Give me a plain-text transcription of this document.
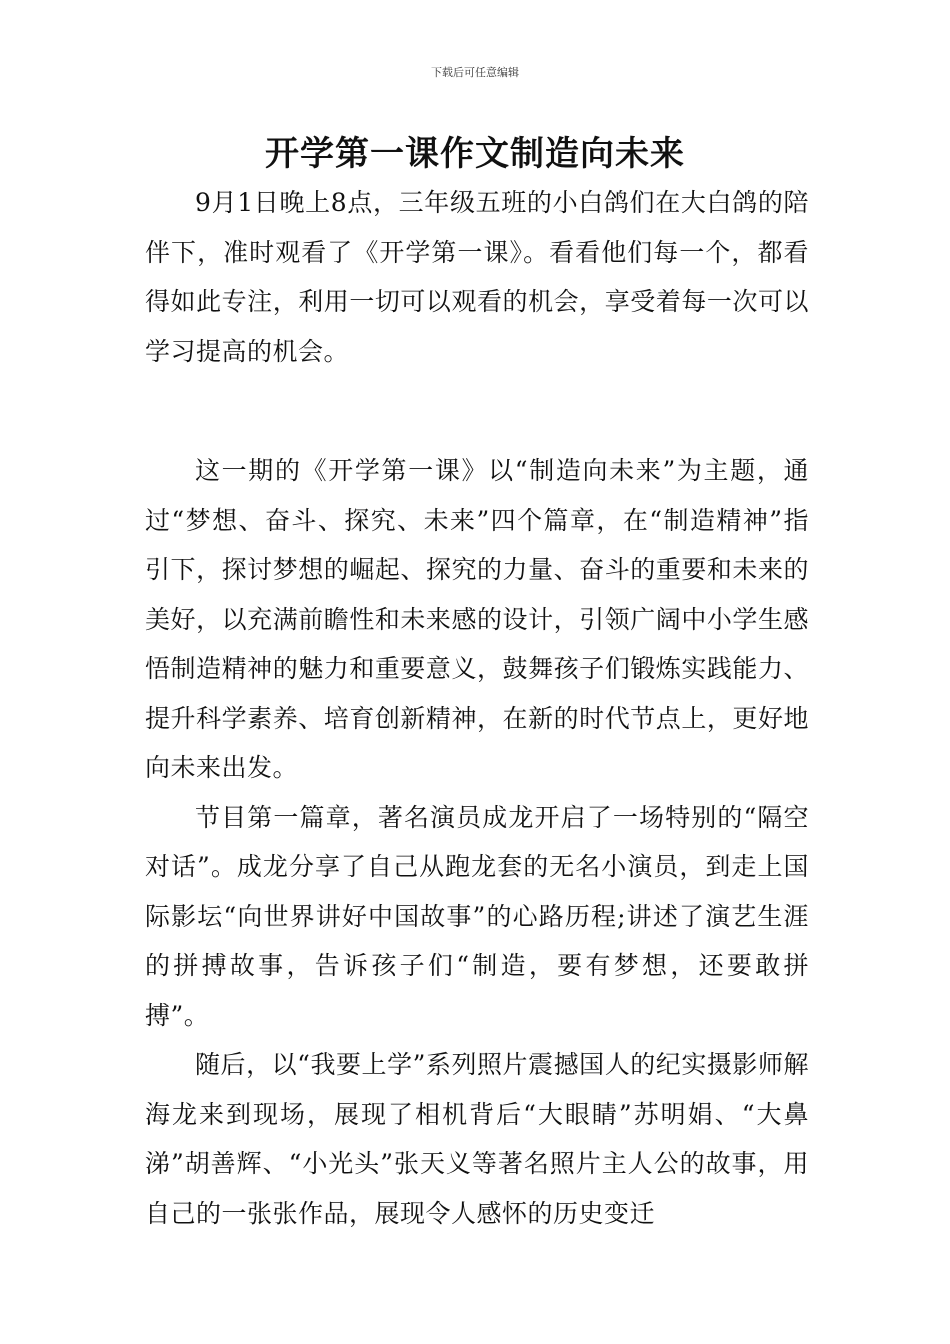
下载后可任意编辑
开学第一课作文制造向未来

9月1日晚上8点，三年级五班的小白鸽们在大白鸽的陪伴下，准时观看了《开学第一课》。看看他们每一个，都看得如此专注，利用一切可以观看的机会，享受着每一次可以学习提高的机会。

这一期的《开学第一课》以“制造向未来”为主题，通过“梦想、奋斗、探究、未来”四个篇章，在“制造精神”指引下，探讨梦想的崛起、探究的力量、奋斗的重要和未来的美好，以充满前瞻性和未来感的设计，引领广阔中小学生感悟制造精神的魅力和重要意义，鼓舞孩子们锻炼实践能力、提升科学素养、培育创新精神，在新的时代节点上，更好地向未来出发。

节目第一篇章，著名演员成龙开启了一场特别的“隔空对话”。成龙分享了自己从跑龙套的无名小演员，到走上国际影坛“向世界讲好中国故事”的心路历程;讲述了演艺生涯的拼搏故事，告诉孩子们“制造，要有梦想，还要敢拼搏”。

随后，以“我要上学”系列照片震撼国人的纪实摄影师解海龙来到现场，展现了相机背后“大眼睛”苏明娟、“大鼻涕”胡善辉、“小光头”张天义等著名照片主人公的故事，用自己的一张张作品，展现令人感怀的历史变迁
